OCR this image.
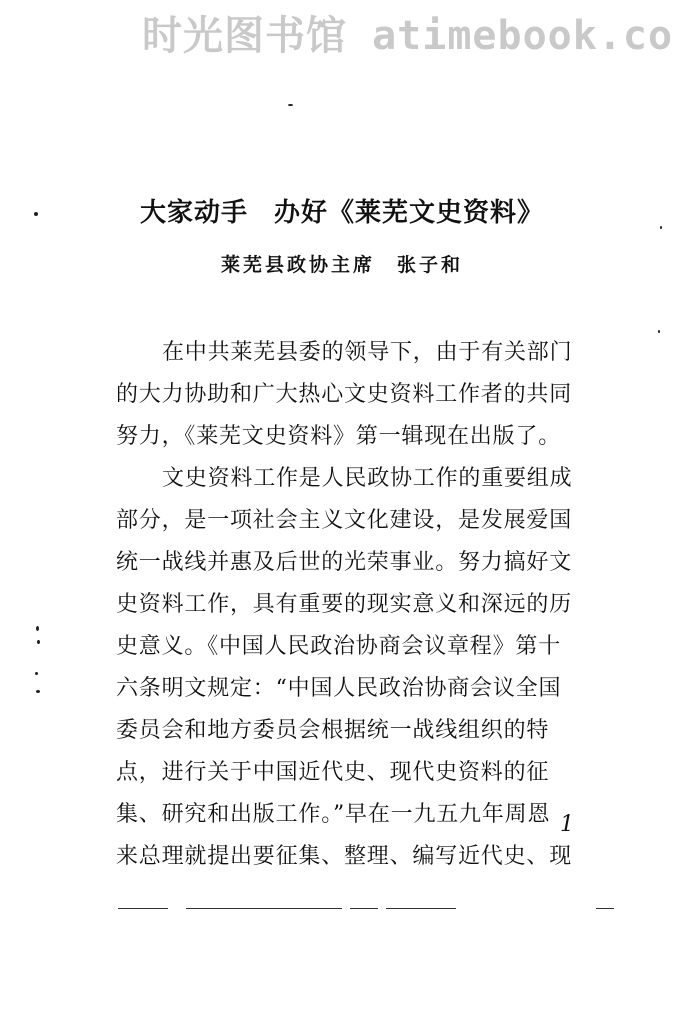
时光图书馆 atimebook.co
大家动手 办好《莱芜文史资料》
莱芜县政协主席 张子和
在中共莱芜县委的领导下，由于有关部门
的大力协助和广大热心文史资料工作者的共同
努力，《莱芜文史资料》第一辑现在出版了。
文史资料工作是人民政协工作的重要组成
部分，是一项社会主义文化建设，是发展爱国
统一战线并惠及后世的光荣事业。努力搞好文
史资料工作，具有重要的现实意义和深远的历
史意义。《中国人民政治协商会议章程》第十
六条明文规定：“中国人民政治协商会议全国
委员会和地方委员会根据统一战线组织的特
点，进行关于中国近代史、现代史资料的征
集、研究和出版工作。”早在一九五九年周恩
来总理就提出要征集、整理、编写近代史、现
1
